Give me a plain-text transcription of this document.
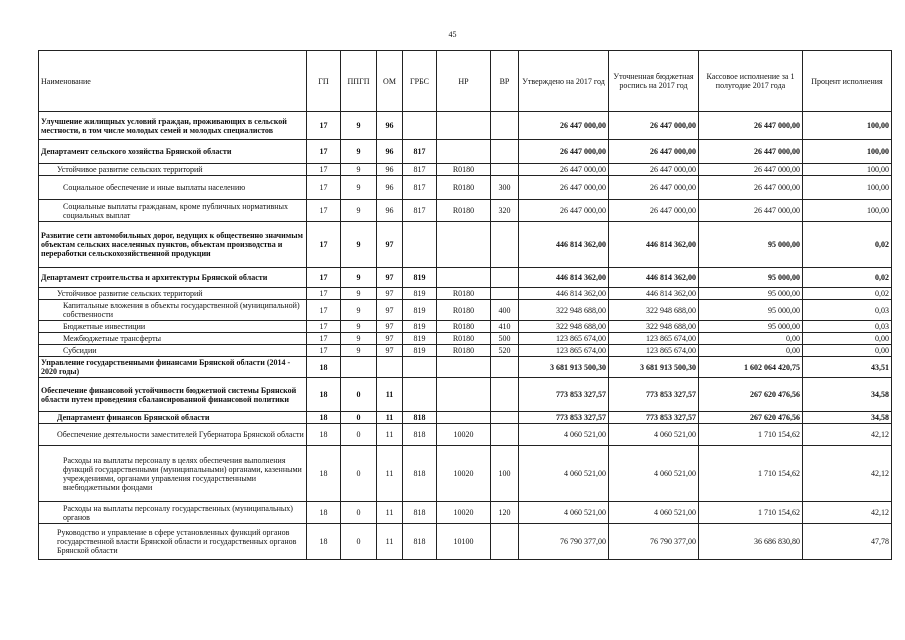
45
Наименование	ГП	ППГП	ОМ	ГРБС	НР	ВР	Утверждено на 2017 год	Уточненная бюджетная роспись на 2017 год	Кассовое исполнение за 1 полугодие 2017 года	Процент исполнения
Улучшение жилищных условий граждан, проживающих в сельской местности, в том числе молодых семей и молодых специалистов	17	9	96				26 447 000,00	26 447 000,00	26 447 000,00	100,00
Департамент сельского хозяйства Брянской области	17	9	96	817			26 447 000,00	26 447 000,00	26 447 000,00	100,00
Устойчивое развитие сельских территорий	17	9	96	817	R0180		26 447 000,00	26 447 000,00	26 447 000,00	100,00
Социальное обеспечение и иные выплаты населению	17	9	96	817	R0180	300	26 447 000,00	26 447 000,00	26 447 000,00	100,00
Социальные выплаты гражданам, кроме публичных нормативных социальных выплат	17	9	96	817	R0180	320	26 447 000,00	26 447 000,00	26 447 000,00	100,00
Развитие сети автомобильных дорог, ведущих к общественно значимым объектам сельских населенных пунктов, объектам производства и переработки сельскохозяйственной продукции	17	9	97				446 814 362,00	446 814 362,00	95 000,00	0,02
Департамент строительства и архитектуры Брянской области	17	9	97	819			446 814 362,00	446 814 362,00	95 000,00	0,02
Устойчивое развитие сельских территорий	17	9	97	819	R0180		446 814 362,00	446 814 362,00	95 000,00	0,02
Капитальные вложения в объекты государственной (муниципальной) собственности	17	9	97	819	R0180	400	322 948 688,00	322 948 688,00	95 000,00	0,03
Бюджетные инвестиции	17	9	97	819	R0180	410	322 948 688,00	322 948 688,00	95 000,00	0,03
Межбюджетные трансферты	17	9	97	819	R0180	500	123 865 674,00	123 865 674,00	0,00	0,00
Субсидии	17	9	97	819	R0180	520	123 865 674,00	123 865 674,00	0,00	0,00
Управление государственными финансами Брянской области (2014 - 2020 годы)	18						3 681 913 500,30	3 681 913 500,30	1 602 064 420,75	43,51
Обеспечение финансовой устойчивости бюджетной системы Брянской области путем проведения сбалансированной финансовой политики	18	0	11				773 853 327,57	773 853 327,57	267 620 476,56	34,58
Департамент финансов Брянской области	18	0	11	818			773 853 327,57	773 853 327,57	267 620 476,56	34,58
Обеспечение деятельности заместителей Губернатора Брянской области	18	0	11	818	10020		4 060 521,00	4 060 521,00	1 710 154,62	42,12
Расходы на выплаты персоналу в целях обеспечения выполнения функций государственными (муниципальными) органами, казенными учреждениями, органами управления государственными внебюджетными фондами	18	0	11	818	10020	100	4 060 521,00	4 060 521,00	1 710 154,62	42,12
Расходы на выплаты персоналу государственных (муниципальных) органов	18	0	11	818	10020	120	4 060 521,00	4 060 521,00	1 710 154,62	42,12
Руководство и управление в сфере установленных функций органов государственной власти Брянской области и государственных органов Брянской области	18	0	11	818	10100		76 790 377,00	76 790 377,00	36 686 830,80	47,78
